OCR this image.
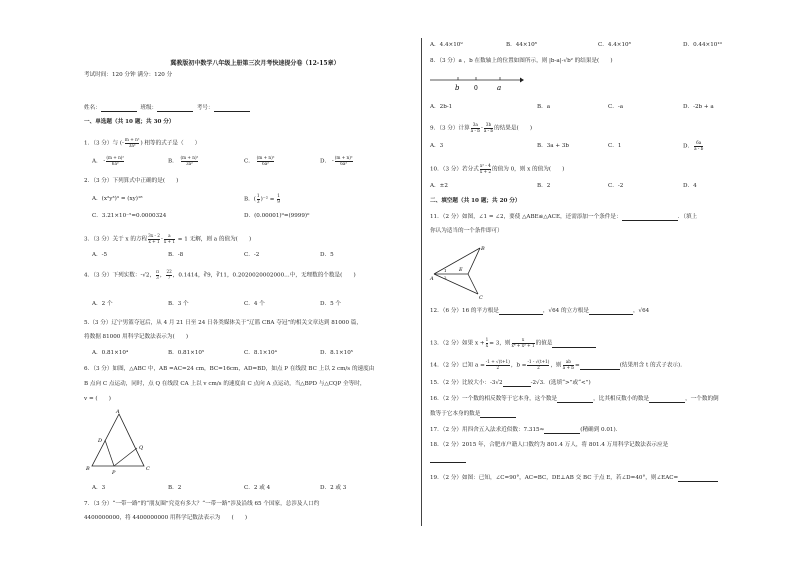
冀教版初中数学八年级上册第三次月考快速提分卷（12-15章）
考试时间：120 分钟 满分：120 分
姓名：	班级：	考号：
一、单选题（共 10 题；共 30 分）
1．（3 分）与 (- $\frac{\text{m + n²}}{\text{3a²}}$ ) 相等的式子是（　　）
A． - $\frac{\text{(m + n)²}}{\text{6a²}}$	B． $\frac{\text{(m + n)²}}{\text{3a²}}$	C． $\frac{\text{(m + n)²}}{\text{6a²}}$	D． - $\frac{\text{(m + n)²}}{\text{6a²}}$
2．（3 分）下列算式中正确的是(　　)
A．(x²y³)³ = (xy)¹⁸	B．( $\frac{1}{3} )^{-2} = \frac{1}{9}$
C．3.21×10⁻⁵=0.0000324	D．(0.00001)⁰=(9999)⁰
3．（3 分）关于 x 的方程 $\frac{3x - 2}{x + 1} - \frac{a}{x + 1} = 1$ 无解，则 a 的值为(　　)
A．-5	B．-8	C．-2	D．5
4．（3 分）下列实数：-√2， $\frac{\pi}{3}$ ， $\frac{22}{7}$ ，0.1414，∛9，∛11，0.2020020002000…中，无理数的个数是(　　)
A．2 个	B．3 个	C．4 个	D．5 个
5.（3 分）辽宁男篮夺冠后，从 4 月 21 日至 24 日各类媒体关于“辽篮 CBA 夺冠”的相关文章达到 81000 篇，
将数据 81000 用科学记数法表示为(　　)
A．0.81×10⁴	B．0.81×10⁵	C．8.1×10⁴	D．8.1×10⁵
6．（3 分）如图，△ABC 中，AB =AC=24 cm，BC=16cm，AD=BD，如点 P 在线段 BC 上以 2 cm/s 的速度由
B 点向 C 点运动，同时，点 Q 在线段 CA 上以 v cm/s 的速度由 C 点向 A 点运动，当△BPD 与△CQP 全等时，
v = (　　)
A
B	C
D
P
Q
A．3	B．2	C．2 或 4	D．2 或 3
7．（3 分）“一带一路”的“朋友圈”究竟有多大？“一带一路”涉及沿线 65 个国家，总涉及人口约
4400000000，将 4400000000 用科学记数法表示为　　(　　)
A．4.4×10⁹	B．44×10⁸	C．4.4×10⁸	D．0.44×10¹⁰
8．（3 分）a ，b 在数轴上的位置如图所示，则 |b-a|-√b² 的结果是(　　)
b 0	a
A．2b-1	B．a	C．-a	D．-2b + a
9．（3 分）计算 $\frac{3a}{a - b} - \frac{3b}{a - b}$ 的结果是(　　)
A．3	B．3a + 3b	C．1	D． $\frac{6a}{a - b}$
10．（3 分）若分式 $\frac{\text{x² - 4}}{x + 2}$ 的值为 0，则 x 的值为(　　)
A．±2	B．2	C．-2	D．4
二、填空题（共 10 题；共 20 分）
11．（2 分）如图，∠1 = ∠2，要使 △ABE≌△ACE，还需添加一个条件是：	．（填上
你认为适当的一个条件即可）
A
B
C
E
1
2
12．（6 分）16 的平方根是	，√64 的立方根是	，√64
13．（2 分）如果 $x + \frac{1}{x} = 3$，则 $\frac{x}{\text{x⁴ + x² + 1}}$ 的值是
14．（2 分）已知 $a = \frac{-1 + √(t+1)}{2}$ ，$b = \frac{-1 - √(t+1)}{2}$ ，则 $\frac{ab}{a + b}$ =	(结果用含 t 的式子表示)．
15．（2 分）比较大小：-3√2	-2√3．(选填“>”或“<”)
16．（2 分）一个数的相反数等于它本身，这个数是	，比其相反数小的数是	，一个数的倒
数等于它本身的数是
17．（2 分）用四舍五入法求近似数：7.315≈	(精确到 0.01)．
18．（2 分）2015 年，合肥市户籍人口数约为 801.4 万人，将 801.4 万用科学记数法表示应是
19．（2 分）如图：已知，∠C=90°，AC=BC，DE⊥AB 交 BC 于点 E，若∠D=40°，则∠EAC=
